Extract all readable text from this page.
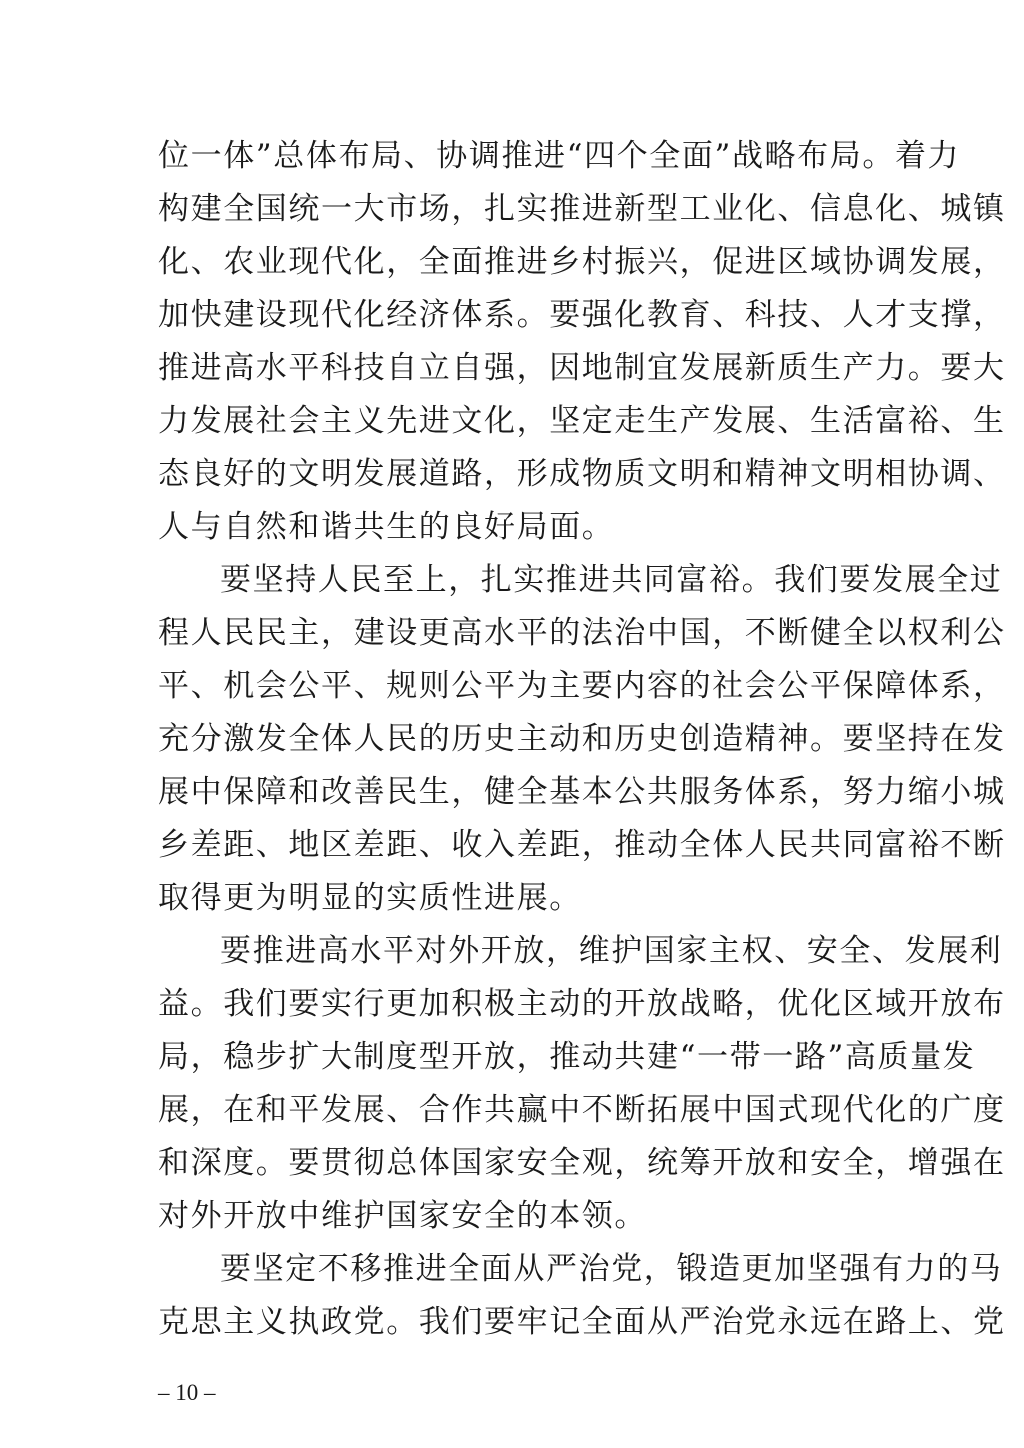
位一体”总体布局、协调推进“四个全面”战略布局。着力
构建全国统一大市场，扎实推进新型工业化、信息化、城镇
化、农业现代化，全面推进乡村振兴，促进区域协调发展，
加快建设现代化经济体系。要强化教育、科技、人才支撑，
推进高水平科技自立自强，因地制宜发展新质生产力。要大
力发展社会主义先进文化，坚定走生产发展、生活富裕、生
态良好的文明发展道路，形成物质文明和精神文明相协调、
人与自然和谐共生的良好局面。
要坚持人民至上，扎实推进共同富裕。我们要发展全过
程人民民主，建设更高水平的法治中国，不断健全以权利公
平、机会公平、规则公平为主要内容的社会公平保障体系，
充分激发全体人民的历史主动和历史创造精神。要坚持在发
展中保障和改善民生，健全基本公共服务体系，努力缩小城
乡差距、地区差距、收入差距，推动全体人民共同富裕不断
取得更为明显的实质性进展。
要推进高水平对外开放，维护国家主权、安全、发展利
益。我们要实行更加积极主动的开放战略，优化区域开放布
局，稳步扩大制度型开放，推动共建“一带一路”高质量发
展，在和平发展、合作共赢中不断拓展中国式现代化的广度
和深度。要贯彻总体国家安全观，统筹开放和安全，增强在
对外开放中维护国家安全的本领。
要坚定不移推进全面从严治党，锻造更加坚强有力的马
克思主义执政党。我们要牢记全面从严治党永远在路上、党
– 10 –
